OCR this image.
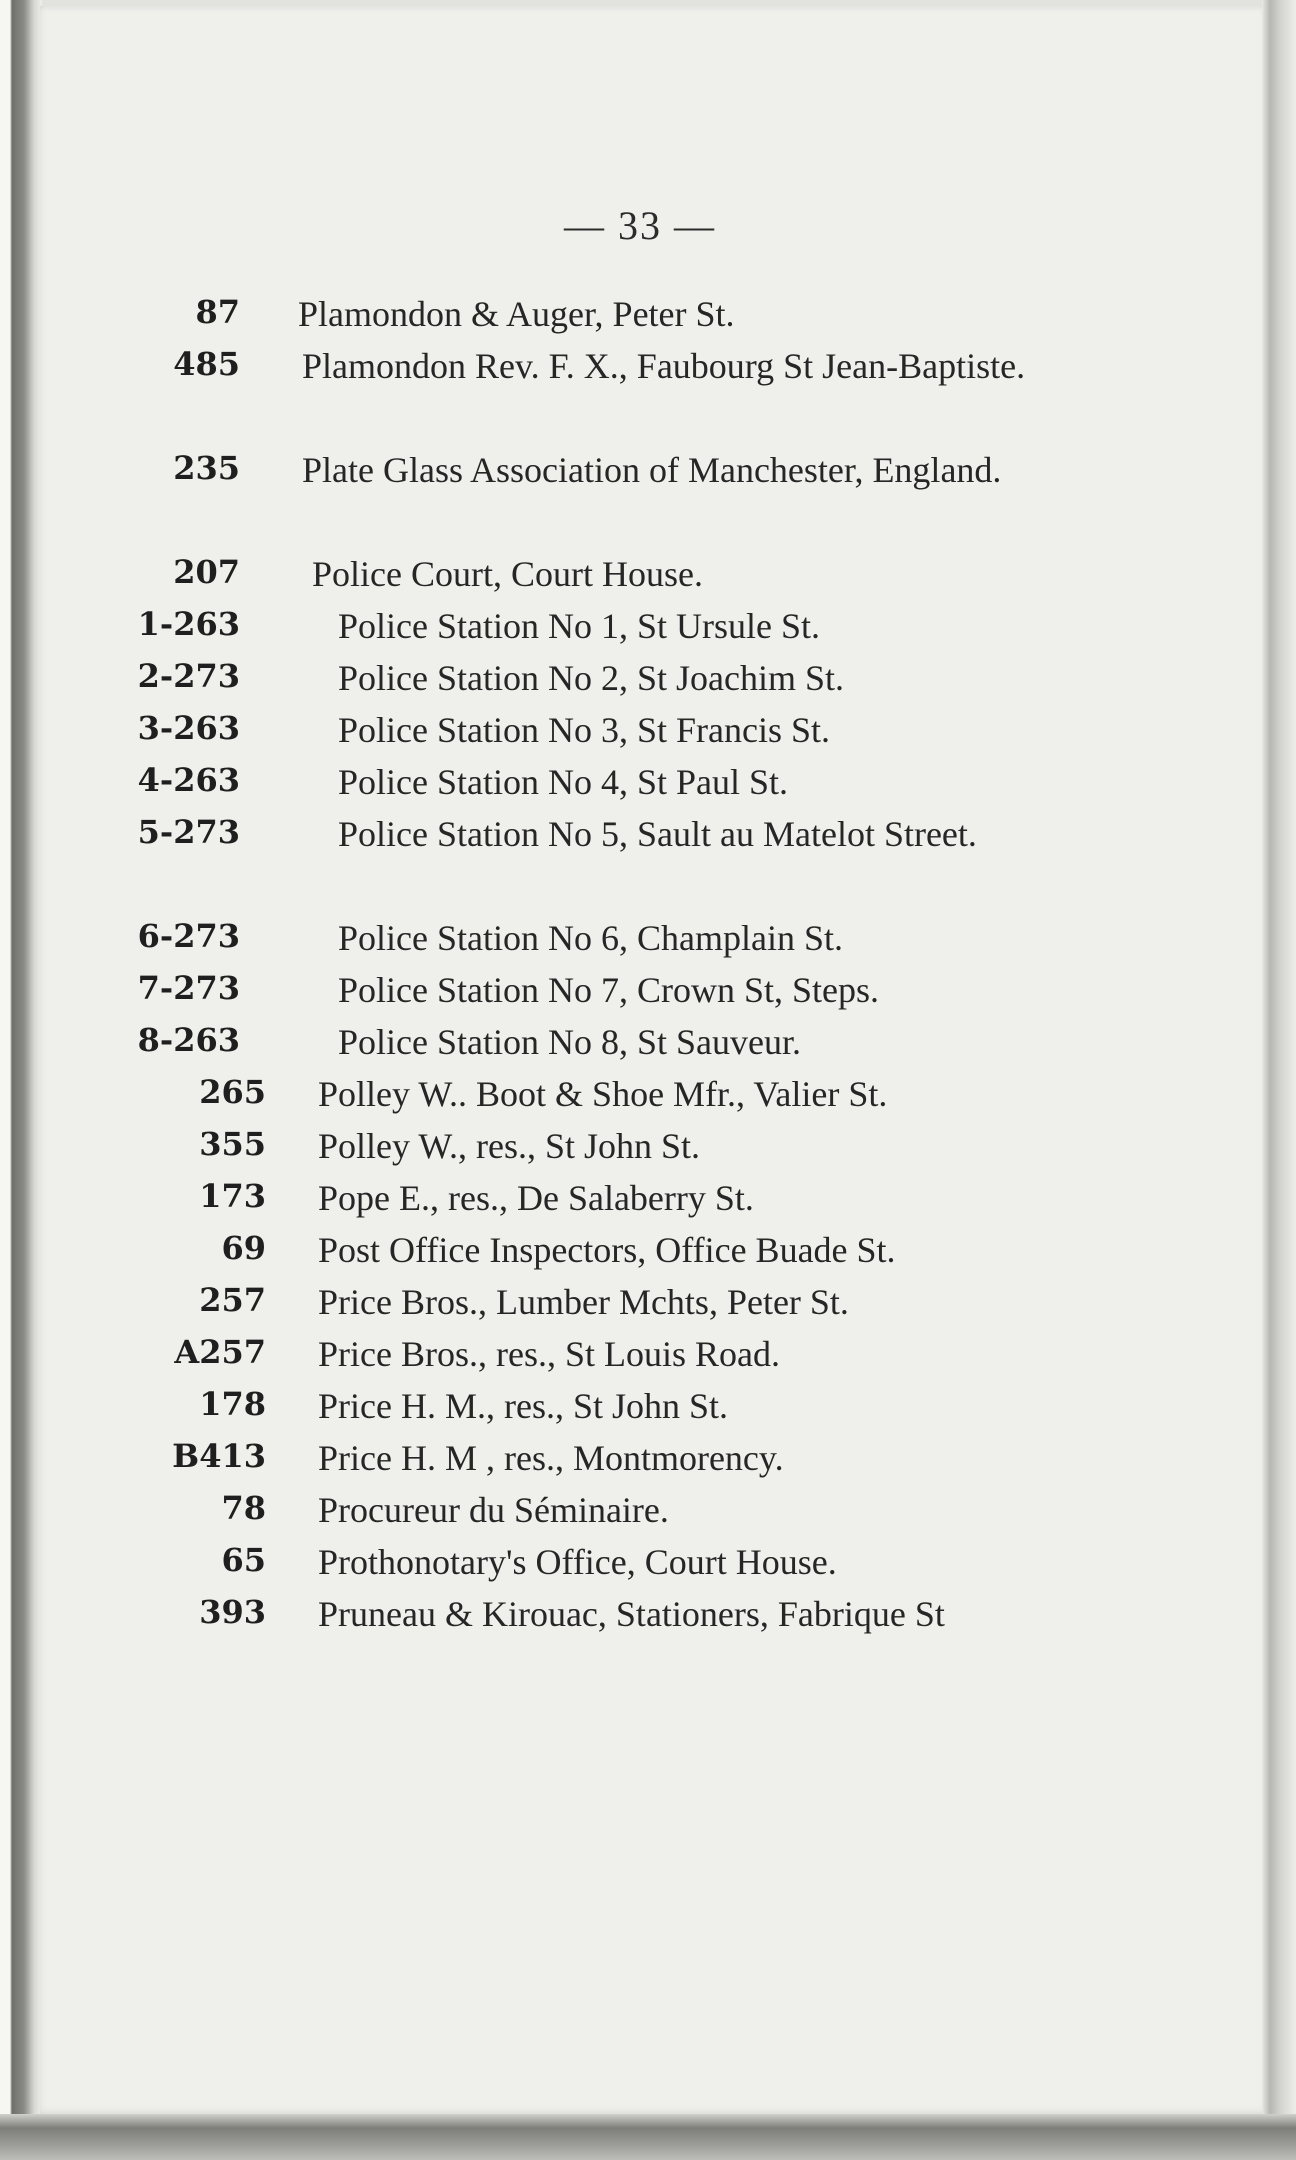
— 33 —
87 Plamondon & Auger, Peter St.
485 Plamondon Rev. F. X., Faubourg St Jean-Baptiste.
235 Plate Glass Association of Manchester, England.
207 Police Court, Court House.
1-263	Police Station No 1, St Ursule St.
2-273	Police Station No 2, St Joachim St.
3-263	Police Station No 3, St Francis St.
4-263	Police Station No 4, St Paul St.
5-273	Police Station No 5, Sault au Matelot Street.
6-273	Police Station No 6, Champlain St.
7-273	Police Station No 7, Crown St, Steps.
8-263	Police Station No 8, St Sauveur.
265 Polley W.. Boot & Shoe Mfr., Valier St.
355 Polley W., res., St John St.
173 Pope E., res., De Salaberry St.
69 Post Office Inspectors, Office Buade St.
257 Price Bros., Lumber Mchts, Peter St.
A257 Price Bros., res., St Louis Road.
178 Price H. M., res., St John St.
B413 Price H. M , res., Montmorency.
78 Procureur du Séminaire.
65 Prothonotary's Office, Court House.
393 Pruneau & Kirouac, Stationers, Fabrique St
